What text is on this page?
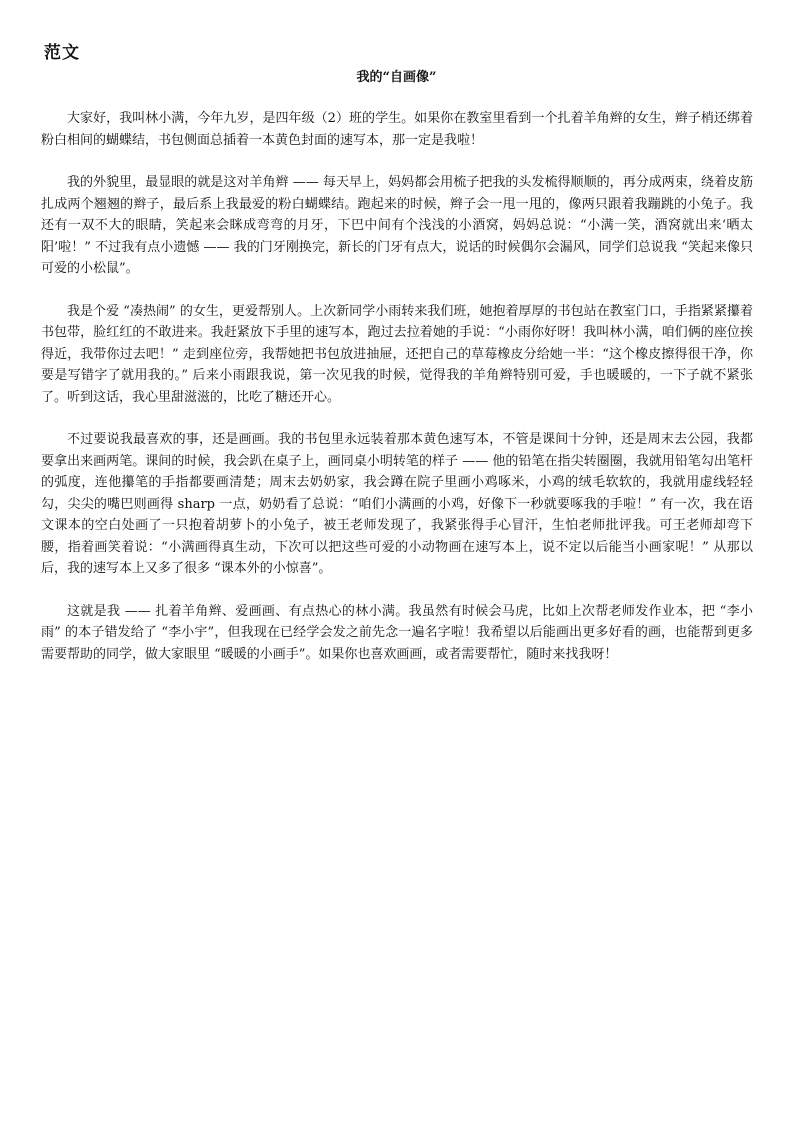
范文
我的“自画像”

大家好，我叫林小满，今年九岁，是四年级（2）班的学生。如果你在教室里看到一个扎着羊角辫的女生，辫子梢还绑着粉白相间的蝴蝶结，书包侧面总插着一本黄色封面的速写本，那一定是我啦！

我的外貌里，最显眼的就是这对羊角辫 —— 每天早上，妈妈都会用梳子把我的头发梳得顺顺的，再分成两束，绕着皮筋扎成两个翘翘的辫子，最后系上我最爱的粉白蝴蝶结。跑起来的时候，辫子会一甩一甩的，像两只跟着我蹦跳的小兔子。我还有一双不大的眼睛，笑起来会眯成弯弯的月牙，下巴中间有个浅浅的小酒窝，妈妈总说：“小满一笑，酒窝就出来‘晒太阳’啦！” 不过我有点小遗憾 —— 我的门牙刚换完，新长的门牙有点大，说话的时候偶尔会漏风，同学们总说我 “笑起来像只可爱的小松鼠”。

我是个爱 “凑热闹” 的女生，更爱帮别人。上次新同学小雨转来我们班，她抱着厚厚的书包站在教室门口，手指紧紧攥着书包带，脸红红的不敢进来。我赶紧放下手里的速写本，跑过去拉着她的手说：“小雨你好呀！我叫林小满，咱们俩的座位挨得近，我带你过去吧！” 走到座位旁，我帮她把书包放进抽屉，还把自己的草莓橡皮分给她一半：“这个橡皮擦得很干净，你要是写错字了就用我的。” 后来小雨跟我说，第一次见我的时候，觉得我的羊角辫特别可爱，手也暖暖的，一下子就不紧张了。听到这话，我心里甜滋滋的，比吃了糖还开心。

不过要说我最喜欢的事，还是画画。我的书包里永远装着那本黄色速写本，不管是课间十分钟，还是周末去公园，我都要拿出来画两笔。课间的时候，我会趴在桌子上，画同桌小明转笔的样子 —— 他的铅笔在指尖转圈圈，我就用铅笔勾出笔杆的弧度，连他攥笔的手指都要画清楚；周末去奶奶家，我会蹲在院子里画小鸡啄米，小鸡的绒毛软软的，我就用虚线轻轻勾，尖尖的嘴巴则画得 sharp 一点，奶奶看了总说：“咱们小满画的小鸡，好像下一秒就要啄我的手啦！” 有一次，我在语文课本的空白处画了一只抱着胡萝卜的小兔子，被王老师发现了，我紧张得手心冒汗，生怕老师批评我。可王老师却弯下腰，指着画笑着说：“小满画得真生动，下次可以把这些可爱的小动物画在速写本上，说不定以后能当小画家呢！” 从那以后，我的速写本上又多了很多 “课本外的小惊喜”。

这就是我 —— 扎着羊角辫、爱画画、有点热心的林小满。我虽然有时候会马虎，比如上次帮老师发作业本，把 “李小雨” 的本子错发给了 “李小宇”，但我现在已经学会发之前先念一遍名字啦！我希望以后能画出更多好看的画，也能帮到更多需要帮助的同学，做大家眼里 “暖暖的小画手”。如果你也喜欢画画，或者需要帮忙，随时来找我呀！
